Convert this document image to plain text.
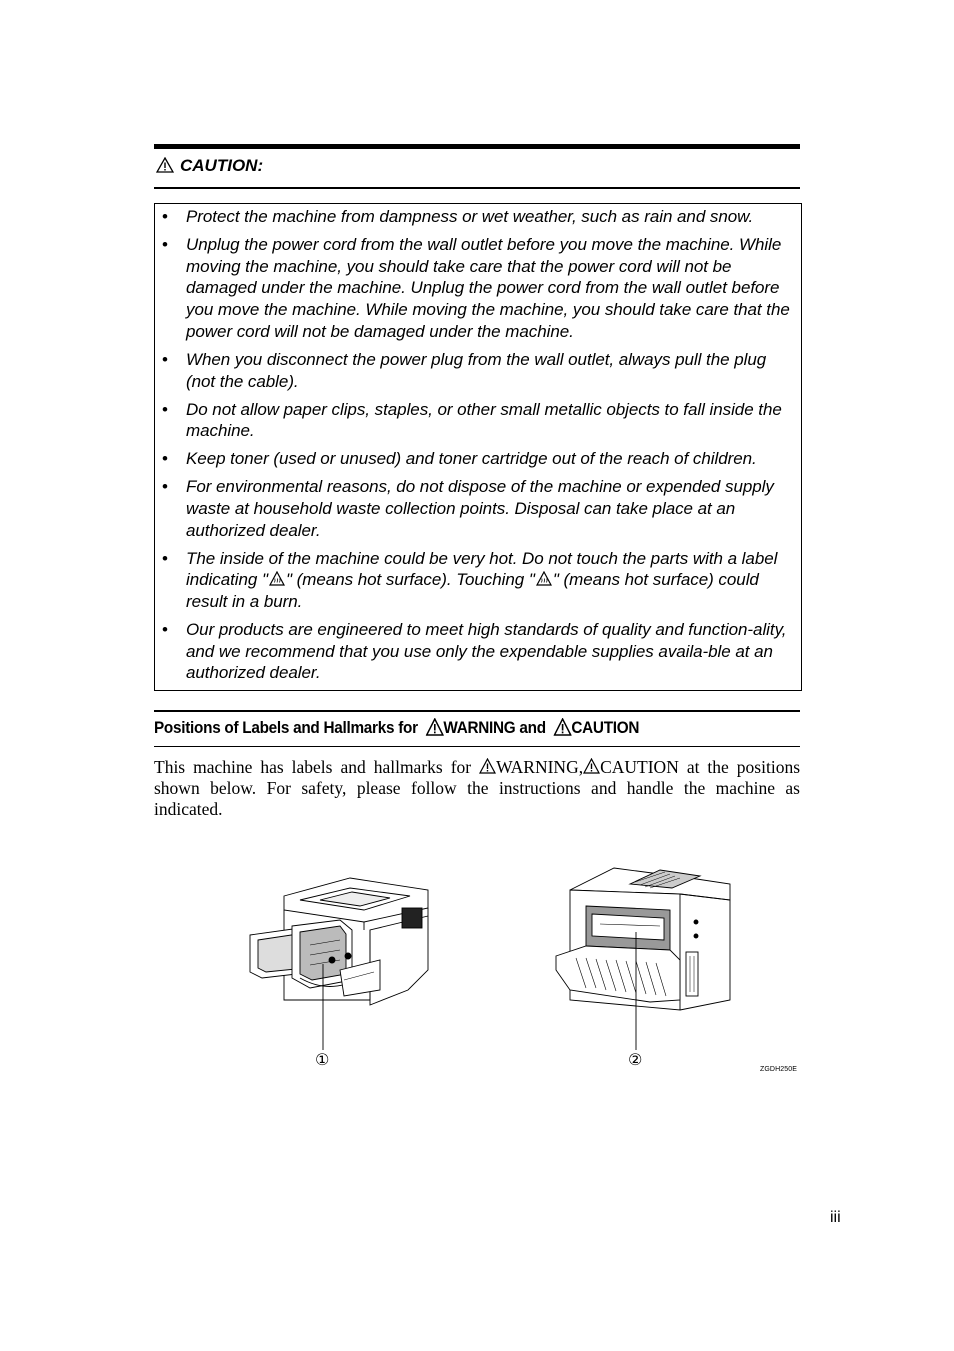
CAUTION:
• Protect the machine from dampness or wet weather, such as rain and snow.
• Unplug the power cord from the wall outlet before you move the machine. While moving the machine, you should take care that the power cord will not be damaged under the machine. Unplug the power cord from the wall outlet before you move the machine. While moving the machine, you should take care that the power cord will not be damaged under the machine.
• When you disconnect the power plug from the wall outlet, always pull the plug (not the cable).
• Do not allow paper clips, staples, or other small metallic objects to fall inside the machine.
• Keep toner (used or unused) and toner cartridge out of the reach of children.
• For environmental reasons, do not dispose of the machine or expended supply waste at household waste collection points. Disposal can take place at an authorized dealer.
• The inside of the machine could be very hot. Do not touch the parts with a label indicating " " (means hot surface). Touching " " (means hot surface) could result in a burn.
• Our products are engineered to meet high standards of quality and function-ality, and we recommend that you use only the expendable supplies availa-ble at an authorized dealer.
Positions of Labels and Hallmarks for WARNING and CAUTION
This machine has labels and hallmarks for WARNING, CAUTION at the positions shown below. For safety, please follow the instructions and handle the machine as indicated.
①	②
ZGDH250E
iii
